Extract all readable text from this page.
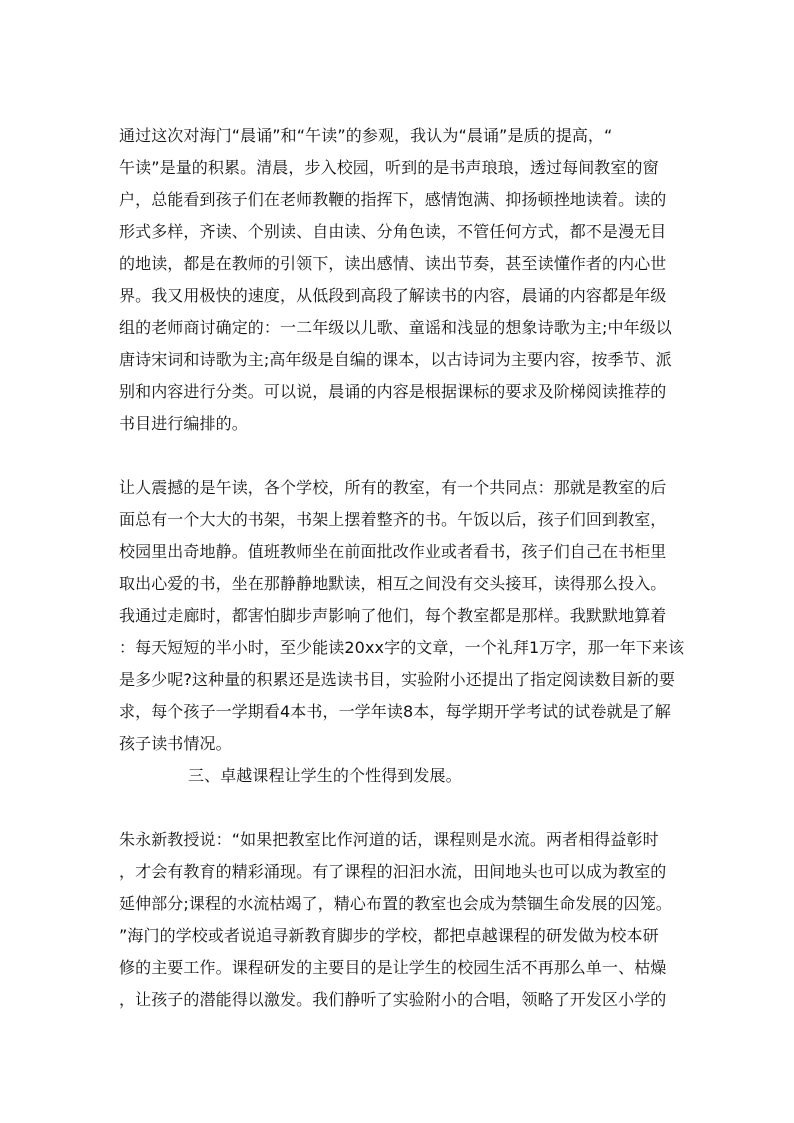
通过这次对海门“晨诵”和“午读”的参观，我认为“晨诵”是质的提高，“
午读”是量的积累。清晨，步入校园，听到的是书声琅琅，透过每间教室的窗
户，总能看到孩子们在老师教鞭的指挥下，感情饱满、抑扬顿挫地读着。读的
形式多样，齐读、个别读、自由读、分角色读，不管任何方式，都不是漫无目
的地读，都是在教师的引领下，读出感情、读出节奏，甚至读懂作者的内心世
界。我又用极快的速度，从低段到高段了解读书的内容，晨诵的内容都是年级
组的老师商讨确定的：一二年级以儿歌、童谣和浅显的想象诗歌为主;中年级以
唐诗宋词和诗歌为主;高年级是自编的课本，以古诗词为主要内容，按季节、派
别和内容进行分类。可以说，晨诵的内容是根据课标的要求及阶梯阅读推荐的
书目进行编排的。
让人震撼的是午读，各个学校，所有的教室，有一个共同点：那就是教室的后
面总有一个大大的书架，书架上摆着整齐的书。午饭以后，孩子们回到教室，
校园里出奇地静。值班教师坐在前面批改作业或者看书，孩子们自己在书柜里
取出心爱的书，坐在那静静地默读，相互之间没有交头接耳，读得那么投入。
我通过走廊时，都害怕脚步声影响了他们，每个教室都是那样。我默默地算着
：每天短短的半小时，至少能读20xx字的文章，一个礼拜1万字，那一年下来该
是多少呢?这种量的积累还是选读书目，实验附小还提出了指定阅读数目新的要
求，每个孩子一学期看4本书，一学年读8本，每学期开学考试的试卷就是了解
孩子读书情况。
三、卓越课程让学生的个性得到发展。
朱永新教授说：“如果把教室比作河道的话，课程则是水流。两者相得益彰时
，才会有教育的精彩涌现。有了课程的汩汩水流，田间地头也可以成为教室的
延伸部分;课程的水流枯竭了，精心布置的教室也会成为禁锢生命发展的囚笼。
”海门的学校或者说追寻新教育脚步的学校，都把卓越课程的研发做为校本研
修的主要工作。课程研发的主要目的是让学生的校园生活不再那么单一、枯燥
，让孩子的潜能得以激发。我们静听了实验附小的合唱，领略了开发区小学的
